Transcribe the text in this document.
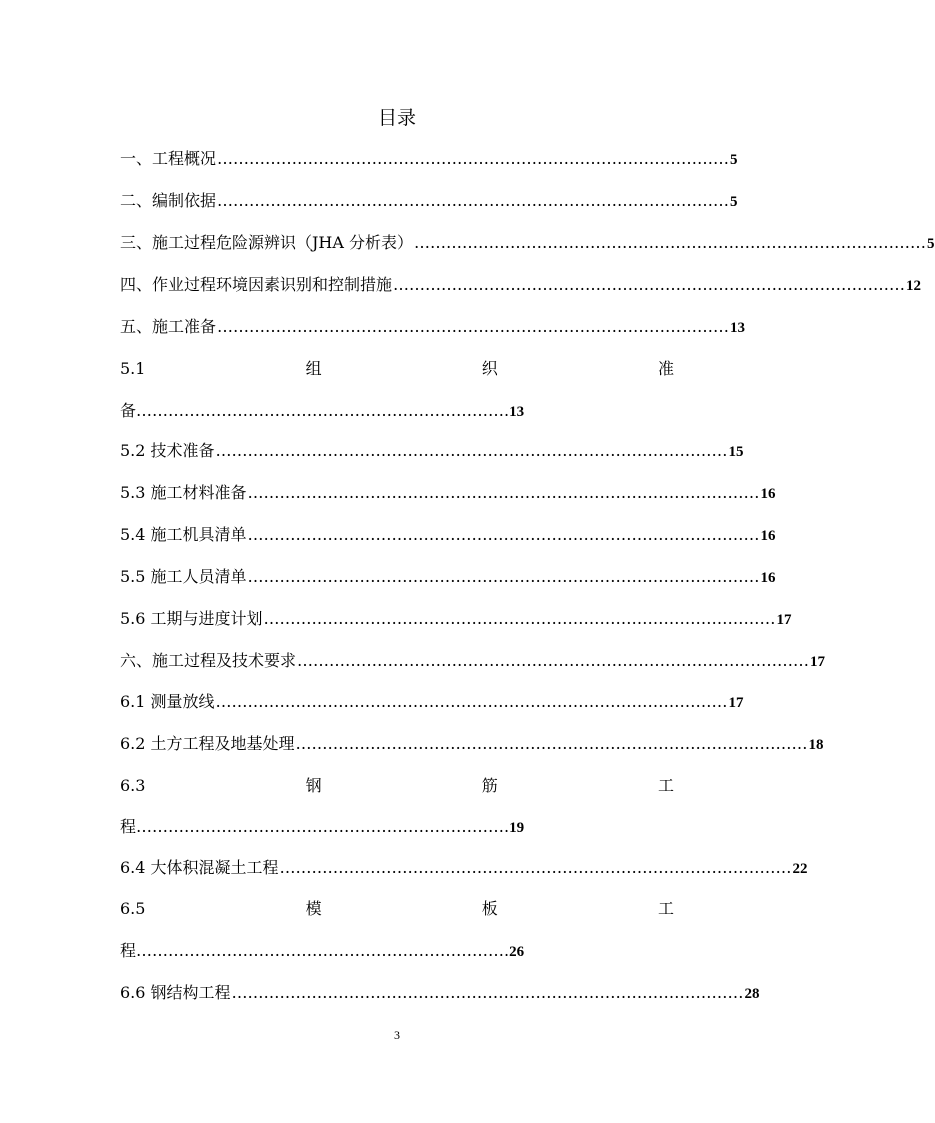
目录
一、工程概况 …………………………………………………………………………………… 5
二、编制依据 …………………………………………………………………………………… 5
三、施工过程危险源辨识（JHA 分析表） …………………………………………………………………………………… 5
四、作业过程环境因素识别和控制措施 …………………………………………………………………………………… 12
五、施工准备 …………………………………………………………………………………… 13
5.1	组	织	准
备 ……………………………………………………………. 13
5.2 技术准备 …………………………………………………………………………………… 15
5.3 施工材料准备 …………………………………………………………………………………… 16
5.4 施工机具清单 …………………………………………………………………………………… 16
5.5 施工人员清单 …………………………………………………………………………………… 16
5.6 工期与进度计划 …………………………………………………………………………………… 17
六、施工过程及技术要求 …………………………………………………………………………………… 17
6.1 测量放线 …………………………………………………………………………………… 17
6.2 土方工程及地基处理 …………………………………………………………………………………… 18
6.3	钢	筋	工
程 ……………………………………………………………. 19
6.4 大体积混凝土工程 …………………………………………………………………………………… 22
6.5	模	板	工
程 ……………………………………………………………. 26
6.6 钢结构工程 …………………………………………………………………………………… 28
3
